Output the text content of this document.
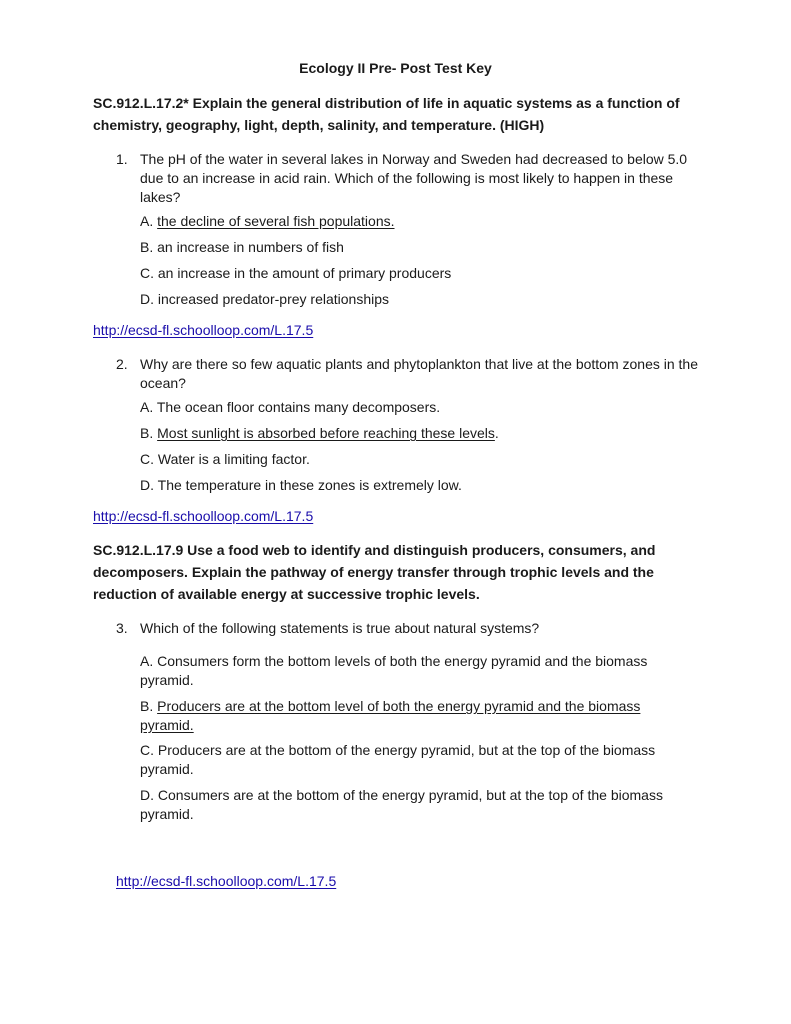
Ecology II Pre- Post Test Key

SC.912.L.17.2* Explain the general distribution of life in aquatic systems as a function of chemistry, geography, light, depth, salinity, and temperature. (HIGH)

1. The pH of the water in several lakes in Norway and Sweden had decreased to below 5.0 due to an increase in acid rain. Which of the following is most likely to happen in these lakes?
A. the decline of several fish populations.
B. an increase in numbers of fish
C. an increase in the amount of primary producers
D. increased predator-prey relationships
http://ecsd-fl.schoolloop.com/L.17.5
2. Why are there so few aquatic plants and phytoplankton that live at the bottom zones in the ocean?
A. The ocean floor contains many decomposers.
B. Most sunlight is absorbed before reaching these levels.
C. Water is a limiting factor.
D. The temperature in these zones is extremely low.
http://ecsd-fl.schoolloop.com/L.17.5

SC.912.L.17.9 Use a food web to identify and distinguish producers, consumers, and decomposers. Explain the pathway of energy transfer through trophic levels and the reduction of available energy at successive trophic levels.

3. Which of the following statements is true about natural systems?
A. Consumers form the bottom levels of both the energy pyramid and the biomass pyramid.
B. Producers are at the bottom level of both the energy pyramid and the biomass pyramid.
C. Producers are at the bottom of the energy pyramid, but at the top of the biomass pyramid.
D. Consumers are at the bottom of the energy pyramid, but at the top of the biomass pyramid.
http://ecsd-fl.schoolloop.com/L.17.5
